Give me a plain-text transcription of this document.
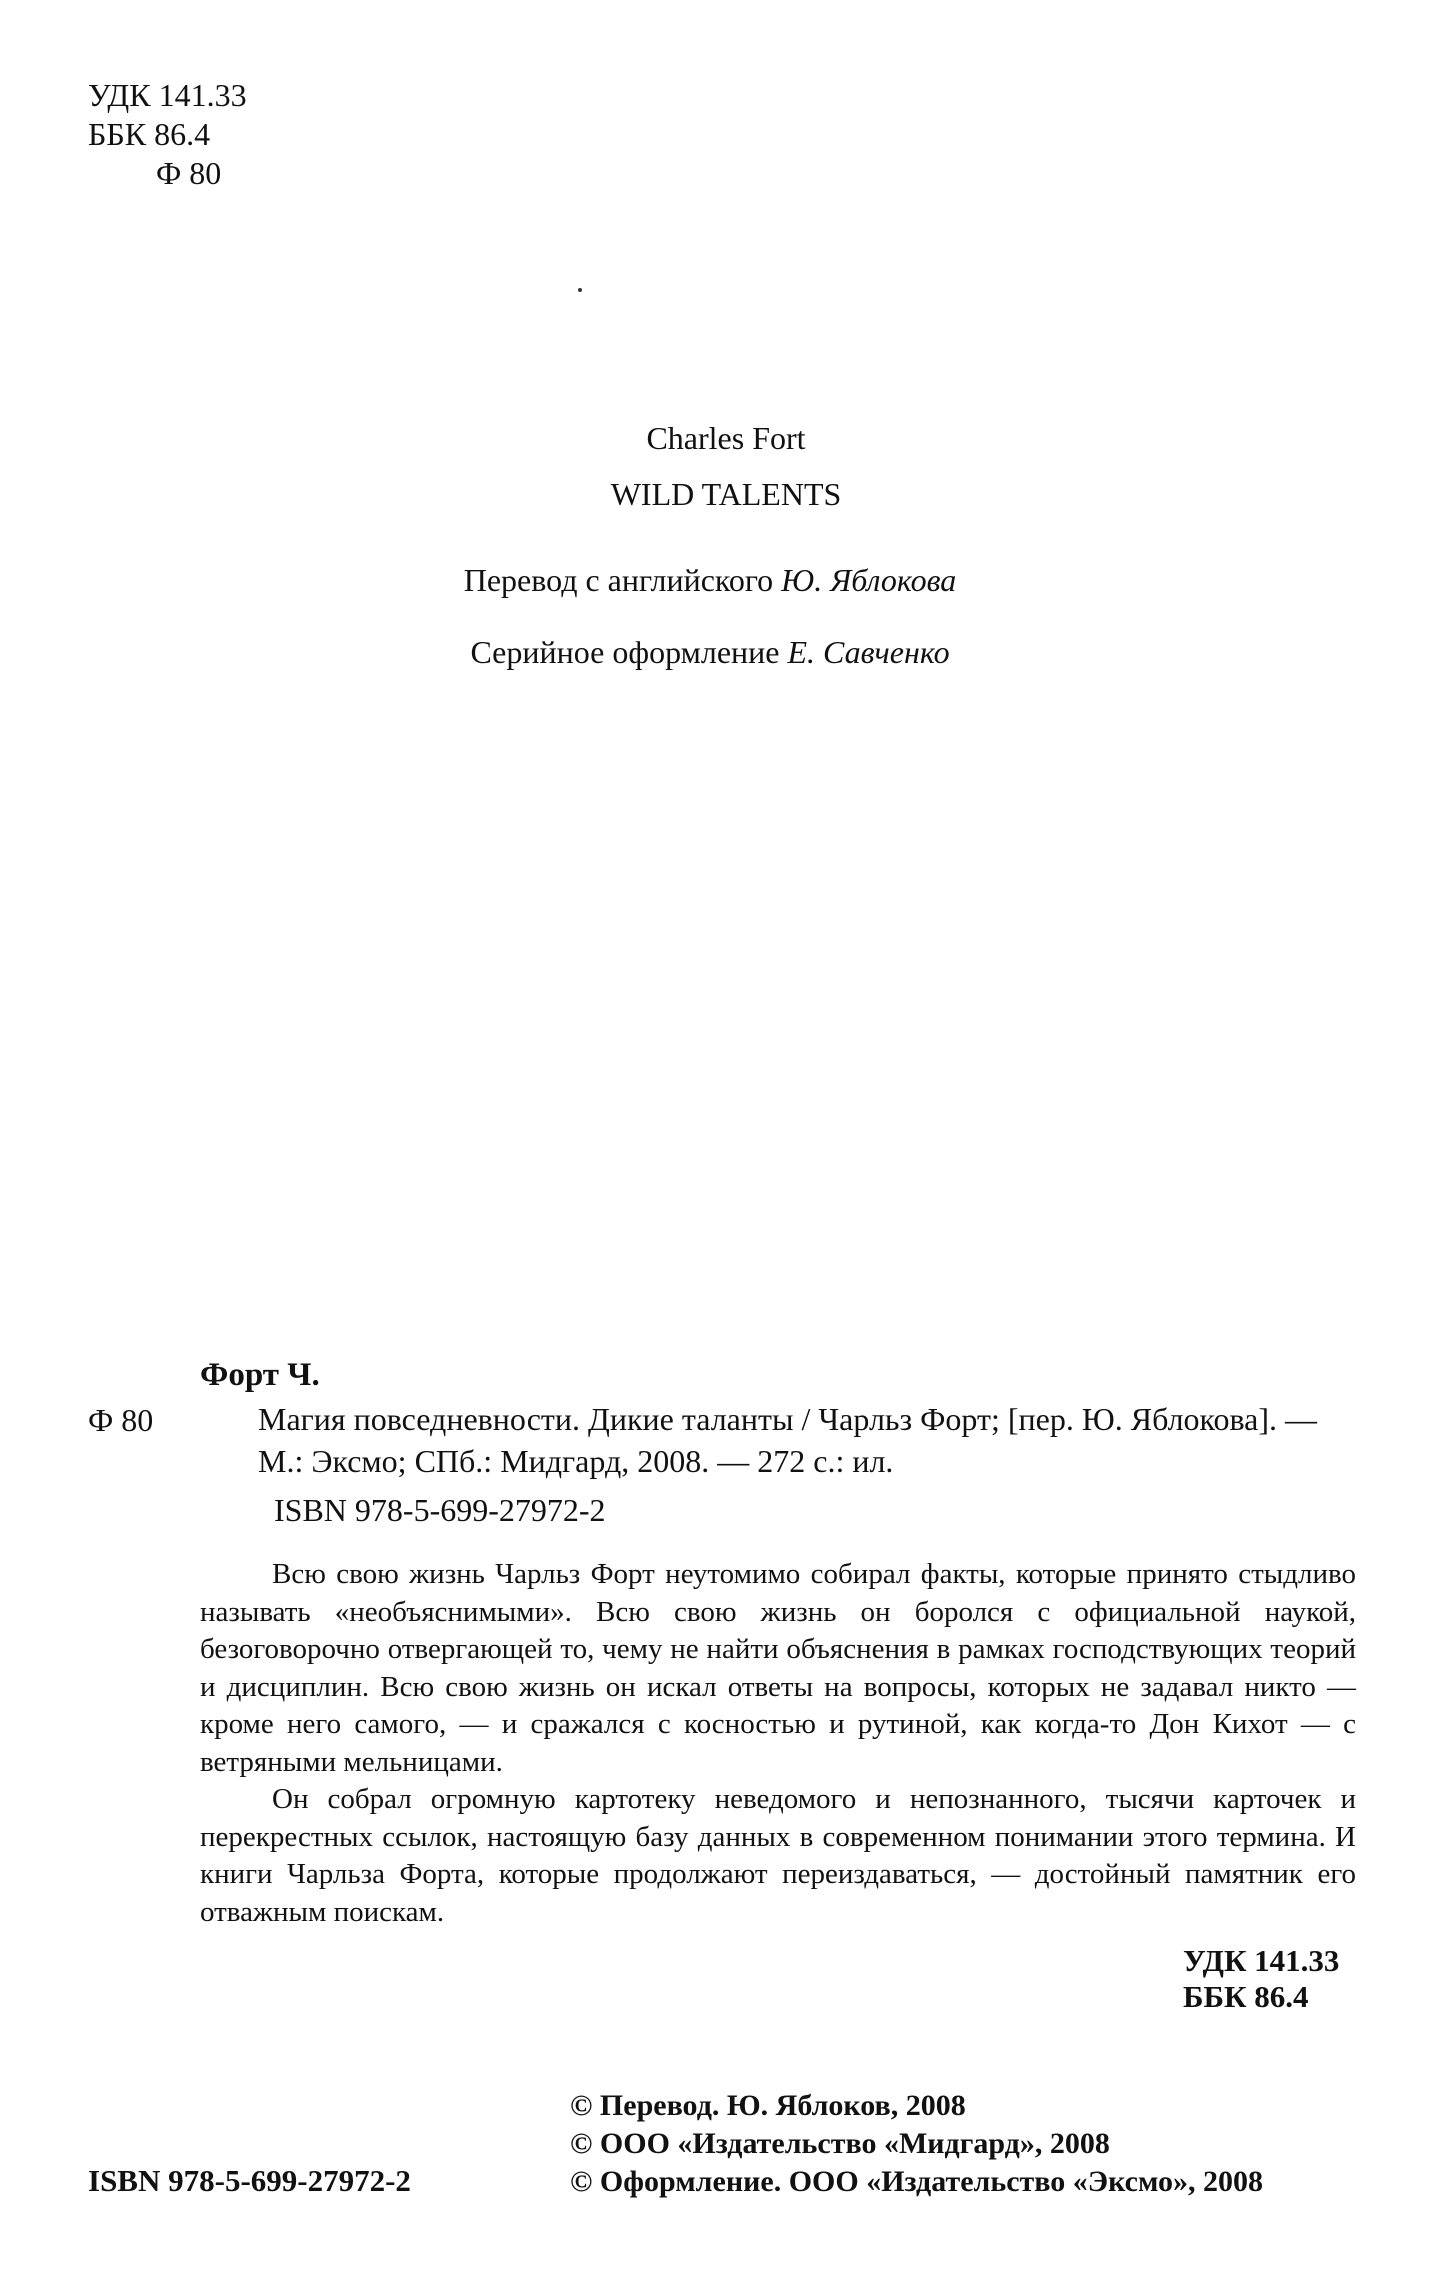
УДК 141.33
ББК 86.4
Ф 80
Charles Fort
WILD TALENTS
Перевод с английского Ю. Яблокова
Серийное оформление Е. Савченко
Форт Ч.
Ф 80	Магия повседневности. Дикие таланты / Чарльз Форт; [пер. Ю. Яблокова]. — М.: Эксмо; СПб.: Мидгард, 2008. — 272 с.: ил.
ISBN 978-5-699-27972-2

Всю свою жизнь Чарльз Форт неутомимо собирал факты, которые принято стыдливо называть «необъяснимыми». Всю свою жизнь он боролся с официальной наукой, безоговорочно отвергающей то, чему не найти объяснения в рамках господствующих теорий и дисциплин. Всю свою жизнь он искал ответы на вопросы, которых не задавал никто — кроме него самого, — и сражался с косностью и рутиной, как когда-то Дон Кихот — с ветряными мельницами.

Он собрал огромную картотеку неведомого и непознанного, тысячи карточек и перекрестных ссылок, настоящую базу данных в современном понимании этого термина. И книги Чарльза Форта, которые продолжают переиздаваться, — достойный памятник его отважным поискам.

УДК 141.33
ББК 86.4
© Перевод. Ю. Яблоков, 2008
© ООО «Издательство «Мидгард», 2008
© Оформление. ООО «Издательство «Эксмо», 2008
ISBN 978-5-699-27972-2
